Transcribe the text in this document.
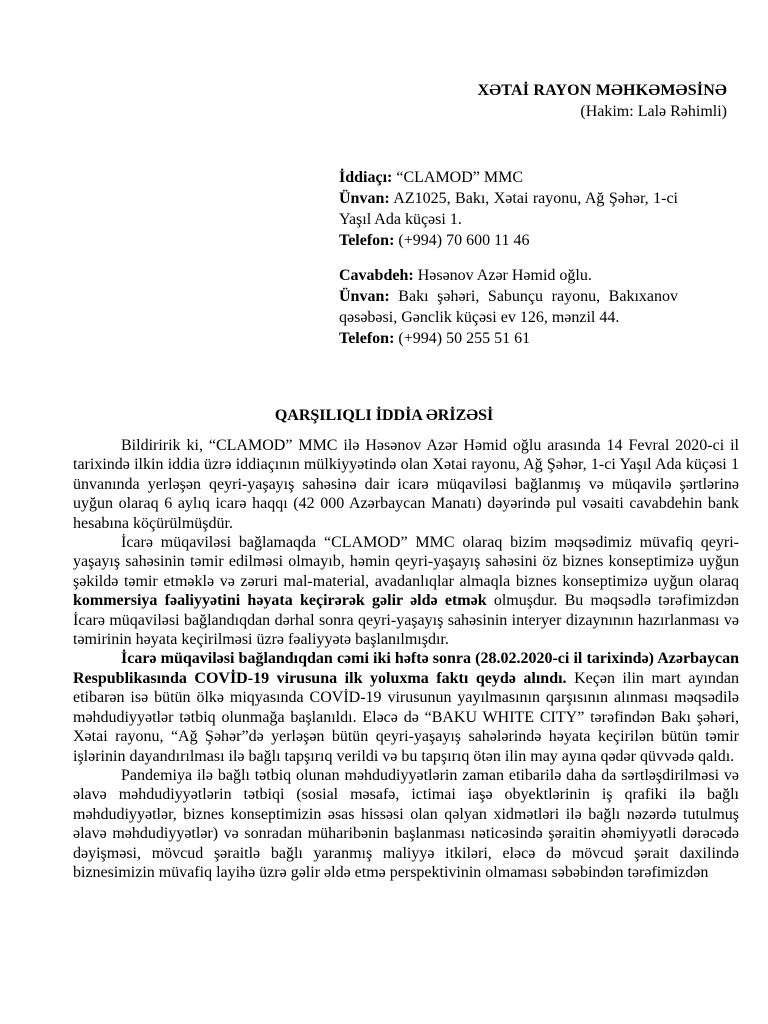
XƏTAİ RAYON MƏHKƏMƏSİNƏ
(Hakim: Lalə Rəhimli)

İddiaçı: “CLAMOD” MMC

Ünvan: AZ1025, Bakı, Xətai rayonu, Ağ Şəhər, 1-ci Yaşıl Ada küçəsi 1.

Telefon: (+994) 70 600 11 46

Cavabdeh: Həsənov Azər Həmid oğlu.

Ünvan: Bakı şəhəri, Sabunçu rayonu, Bakıxanov qəsəbəsi, Gənclik küçəsi ev 126, mənzil 44.

Telefon: (+994) 50 255 51 61

QARŞILIQLI İDDİA ƏRİZƏSİ

Bildiririk ki, “CLAMOD” MMC ilə Həsənov Azər Həmid oğlu arasında 14 Fevral 2020-ci il tarixində ilkin iddia üzrə iddiaçının mülkiyyətində olan Xətai rayonu, Ağ Şəhər, 1-ci Yaşıl Ada küçəsi 1 ünvanında yerləşən qeyri-yaşayış sahəsinə dair icarə müqaviləsi bağlanmış və müqavilə şərtlərinə uyğun olaraq 6 aylıq icarə haqqı (42 000 Azərbaycan Manatı) dəyərində pul vəsaiti cavabdehin bank hesabına köçürülmüşdür.

İcarə müqaviləsi bağlamaqda “CLAMOD” MMC olaraq bizim məqsədimiz müvafiq qeyri-yaşayış sahəsinin təmir edilməsi olmayıb, həmin qeyri-yaşayış sahəsini öz biznes konseptimizə uyğun şəkildə təmir etməklə və zəruri mal-material, avadanlıqlar almaqla biznes konseptimizə uyğun olaraq kommersiya fəaliyyətini həyata keçirərək gəlir əldə etmək olmuşdur. Bu məqsədlə tərəfimizdən İcarə müqaviləsi bağlandıqdan dərhal sonra qeyri-yaşayış sahəsinin interyer dizaynının hazırlanması və təmirinin həyata keçirilməsi üzrə fəaliyyətə başlanılmışdır.

İcarə müqaviləsi bağlandıqdan cəmi iki həftə sonra (28.02.2020-ci il tarixində) Azərbaycan Respublikasında COVİD-19 virusuna ilk yoluxma faktı qeydə alındı. Keçən ilin mart ayından etibarən isə bütün ölkə miqyasında COVİD-19 virusunun yayılmasının qarşısının alınması məqsədilə məhdudiyyətlər tətbiq olunmağa başlanıldı. Eləcə də “BAKU WHITE CITY” tərəfindən Bakı şəhəri, Xətai rayonu, “Ağ Şəhər”də yerləşən bütün qeyri-yaşayış sahələrində həyata keçirilən bütün təmir işlərinin dayandırılması ilə bağlı tapşırıq verildi və bu tapşırıq ötən ilin may ayına qədər qüvvədə qaldı.

Pandemiya ilə bağlı tətbiq olunan məhdudiyyətlərin zaman etibarilə daha da sərtləşdirilməsi və əlavə məhdudiyyətlərin tətbiqi (sosial məsafə, ictimai iaşə obyektlərinin iş qrafiki ilə bağlı məhdudiyyətlər, biznes konseptimizin əsas hissəsi olan qəlyan xidmətləri ilə bağlı nəzərdə tutulmuş əlavə məhdudiyyətlər) və sonradan müharibənin başlanması nəticəsində şəraitin əhəmiyyətli dərəcədə dəyişməsi, mövcud şəraitlə bağlı yaranmış maliyyə itkiləri, eləcə də mövcud şərait daxilində biznesimizin müvafiq layihə üzrə gəlir əldə etmə perspektivinin olmaması səbəbindən tərəfimizdən
